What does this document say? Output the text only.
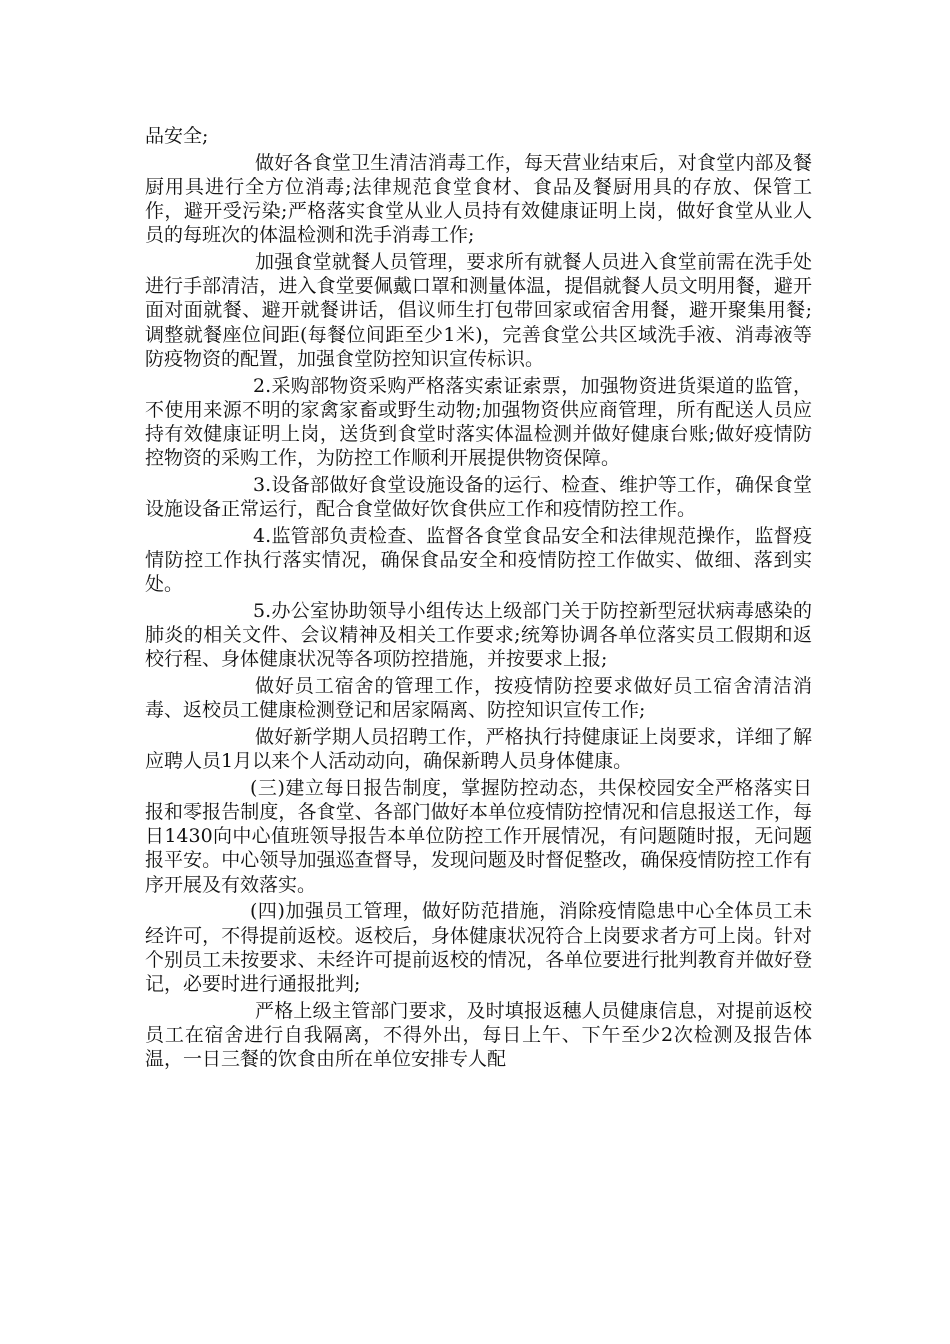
品安全;

做好各食堂卫生清洁消毒工作，每天营业结束后，对食堂内部及餐厨用具进行全方位消毒;法律规范食堂食材、食品及餐厨用具的存放、保管工作，避开受污染;严格落实食堂从业人员持有效健康证明上岗，做好食堂从业人员的每班次的体温检测和洗手消毒工作;

加强食堂就餐人员管理，要求所有就餐人员进入食堂前需在洗手处进行手部清洁，进入食堂要佩戴口罩和测量体温，提倡就餐人员文明用餐，避开面对面就餐、避开就餐讲话，倡议师生打包带回家或宿舍用餐，避开聚集用餐;调整就餐座位间距(每餐位间距至少1米)，完善食堂公共区域洗手液、消毒液等防疫物资的配置，加强食堂防控知识宣传标识。

2.采购部物资采购严格落实索证索票，加强物资进货渠道的监管，不使用来源不明的家禽家畜或野生动物;加强物资供应商管理，所有配送人员应持有效健康证明上岗，送货到食堂时落实体温检测并做好健康台账;做好疫情防控物资的采购工作，为防控工作顺利开展提供物资保障。

3.设备部做好食堂设施设备的运行、检查、维护等工作，确保食堂设施设备正常运行，配合食堂做好饮食供应工作和疫情防控工作。

4.监管部负责检查、监督各食堂食品安全和法律规范操作，监督疫情防控工作执行落实情况，确保食品安全和疫情防控工作做实、做细、落到实处。

5.办公室协助领导小组传达上级部门关于防控新型冠状病毒感染的肺炎的相关文件、会议精神及相关工作要求;统筹协调各单位落实员工假期和返校行程、身体健康状况等各项防控措施，并按要求上报;

做好员工宿舍的管理工作，按疫情防控要求做好员工宿舍清洁消毒、返校员工健康检测登记和居家隔离、防控知识宣传工作;

做好新学期人员招聘工作，严格执行持健康证上岗要求，详细了解应聘人员1月以来个人活动动向，确保新聘人员身体健康。

(三)建立每日报告制度，掌握防控动态，共保校园安全严格落实日报和零报告制度，各食堂、各部门做好本单位疫情防控情况和信息报送工作，每日1430向中心值班领导报告本单位防控工作开展情况，有问题随时报，无问题报平安。中心领导加强巡查督导，发现问题及时督促整改，确保疫情防控工作有序开展及有效落实。

(四)加强员工管理，做好防范措施，消除疫情隐患中心全体员工未经许可，不得提前返校。返校后，身体健康状况符合上岗要求者方可上岗。针对个别员工未按要求、未经许可提前返校的情况，各单位要进行批判教育并做好登记，必要时进行通报批判;

严格上级主管部门要求，及时填报返穗人员健康信息，对提前返校员工在宿舍进行自我隔离，不得外出，每日上午、下午至少2次检测及报告体温，一日三餐的饮食由所在单位安排专人配
